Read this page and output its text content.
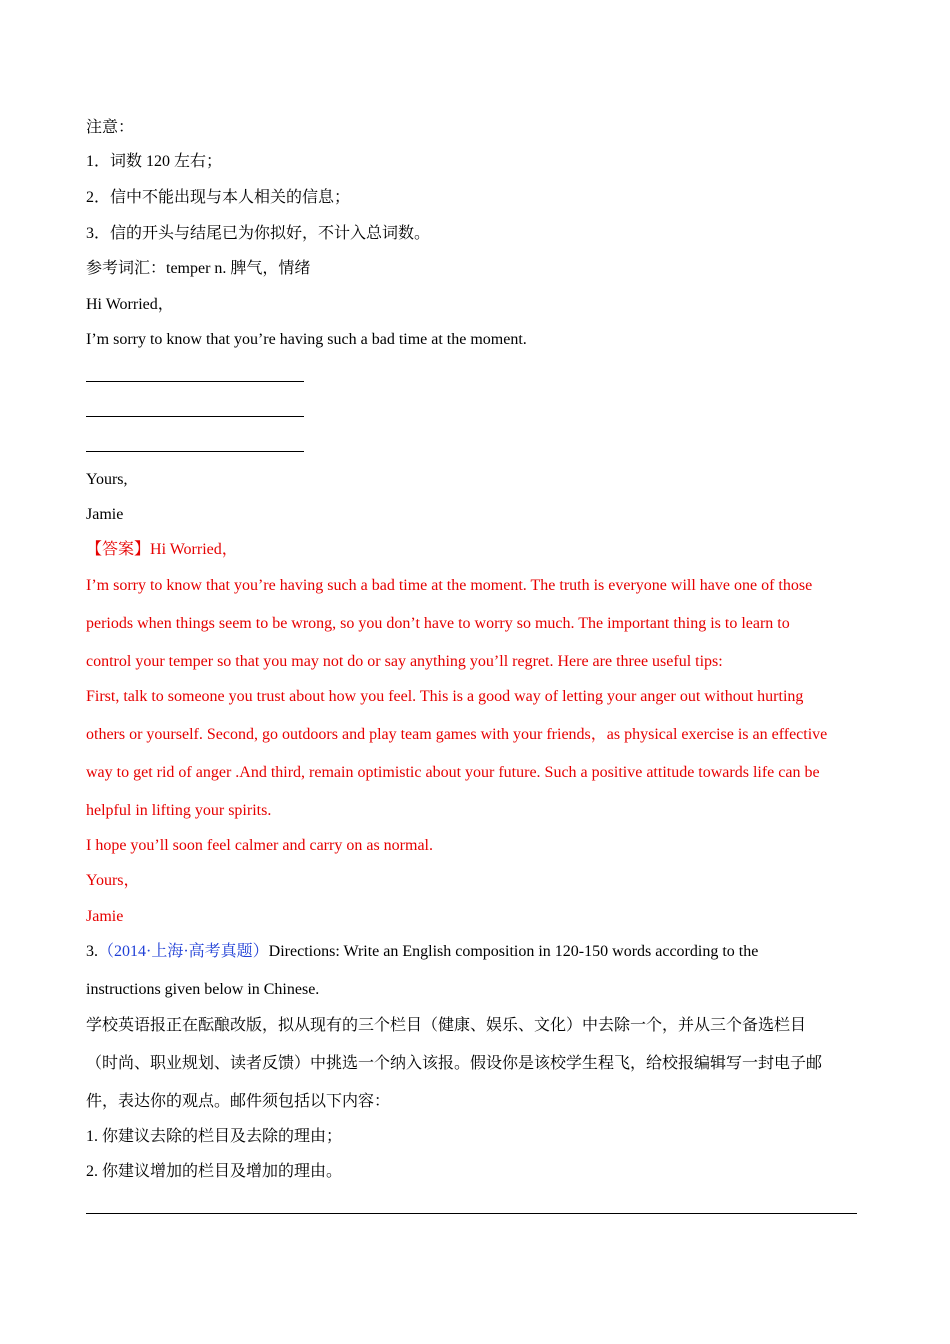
注意：
1．词数 120 左右；
2．信中不能出现与本人相关的信息；
3．信的开头与结尾已为你拟好，不计入总词数。
参考词汇：temper n. 脾气，情绪
Hi Worried，
I’m sorry to know that you’re having such a bad time at the moment.
Yours,
Jamie
【答案】Hi Worried，
I’m sorry to know that you’re having such a bad time at the moment. The truth is everyone will have one of those
periods when things seem to be wrong, so you don’t have to worry so much. The important thing is to learn to
control your temper so that you may not do or say anything you’ll regret. Here are three useful tips:
First, talk to someone you trust about how you feel. This is a good way of letting your anger out without hurting
others or yourself. Second, go outdoors and play team games with your friends，as physical exercise is an effective
way to get rid of anger .And third, remain optimistic about your future. Such a positive attitude towards life can be
helpful in lifting your spirits.
I hope you’ll soon feel calmer and carry on as normal.
Yours，
Jamie
3.（2014·上海·高考真题）Directions: Write an English composition in 120-150 words according to the
instructions given below in Chinese.
学校英语报正在酝酿改版，拟从现有的三个栏目（健康、娱乐、文化）中去除一个，并从三个备选栏目
（时尚、职业规划、读者反馈）中挑选一个纳入该报。假设你是该校学生程飞，给校报编辑写一封电子邮
件，表达你的观点。邮件须包括以下内容：
1. 你建议去除的栏目及去除的理由；
2. 你建议增加的栏目及增加的理由。
